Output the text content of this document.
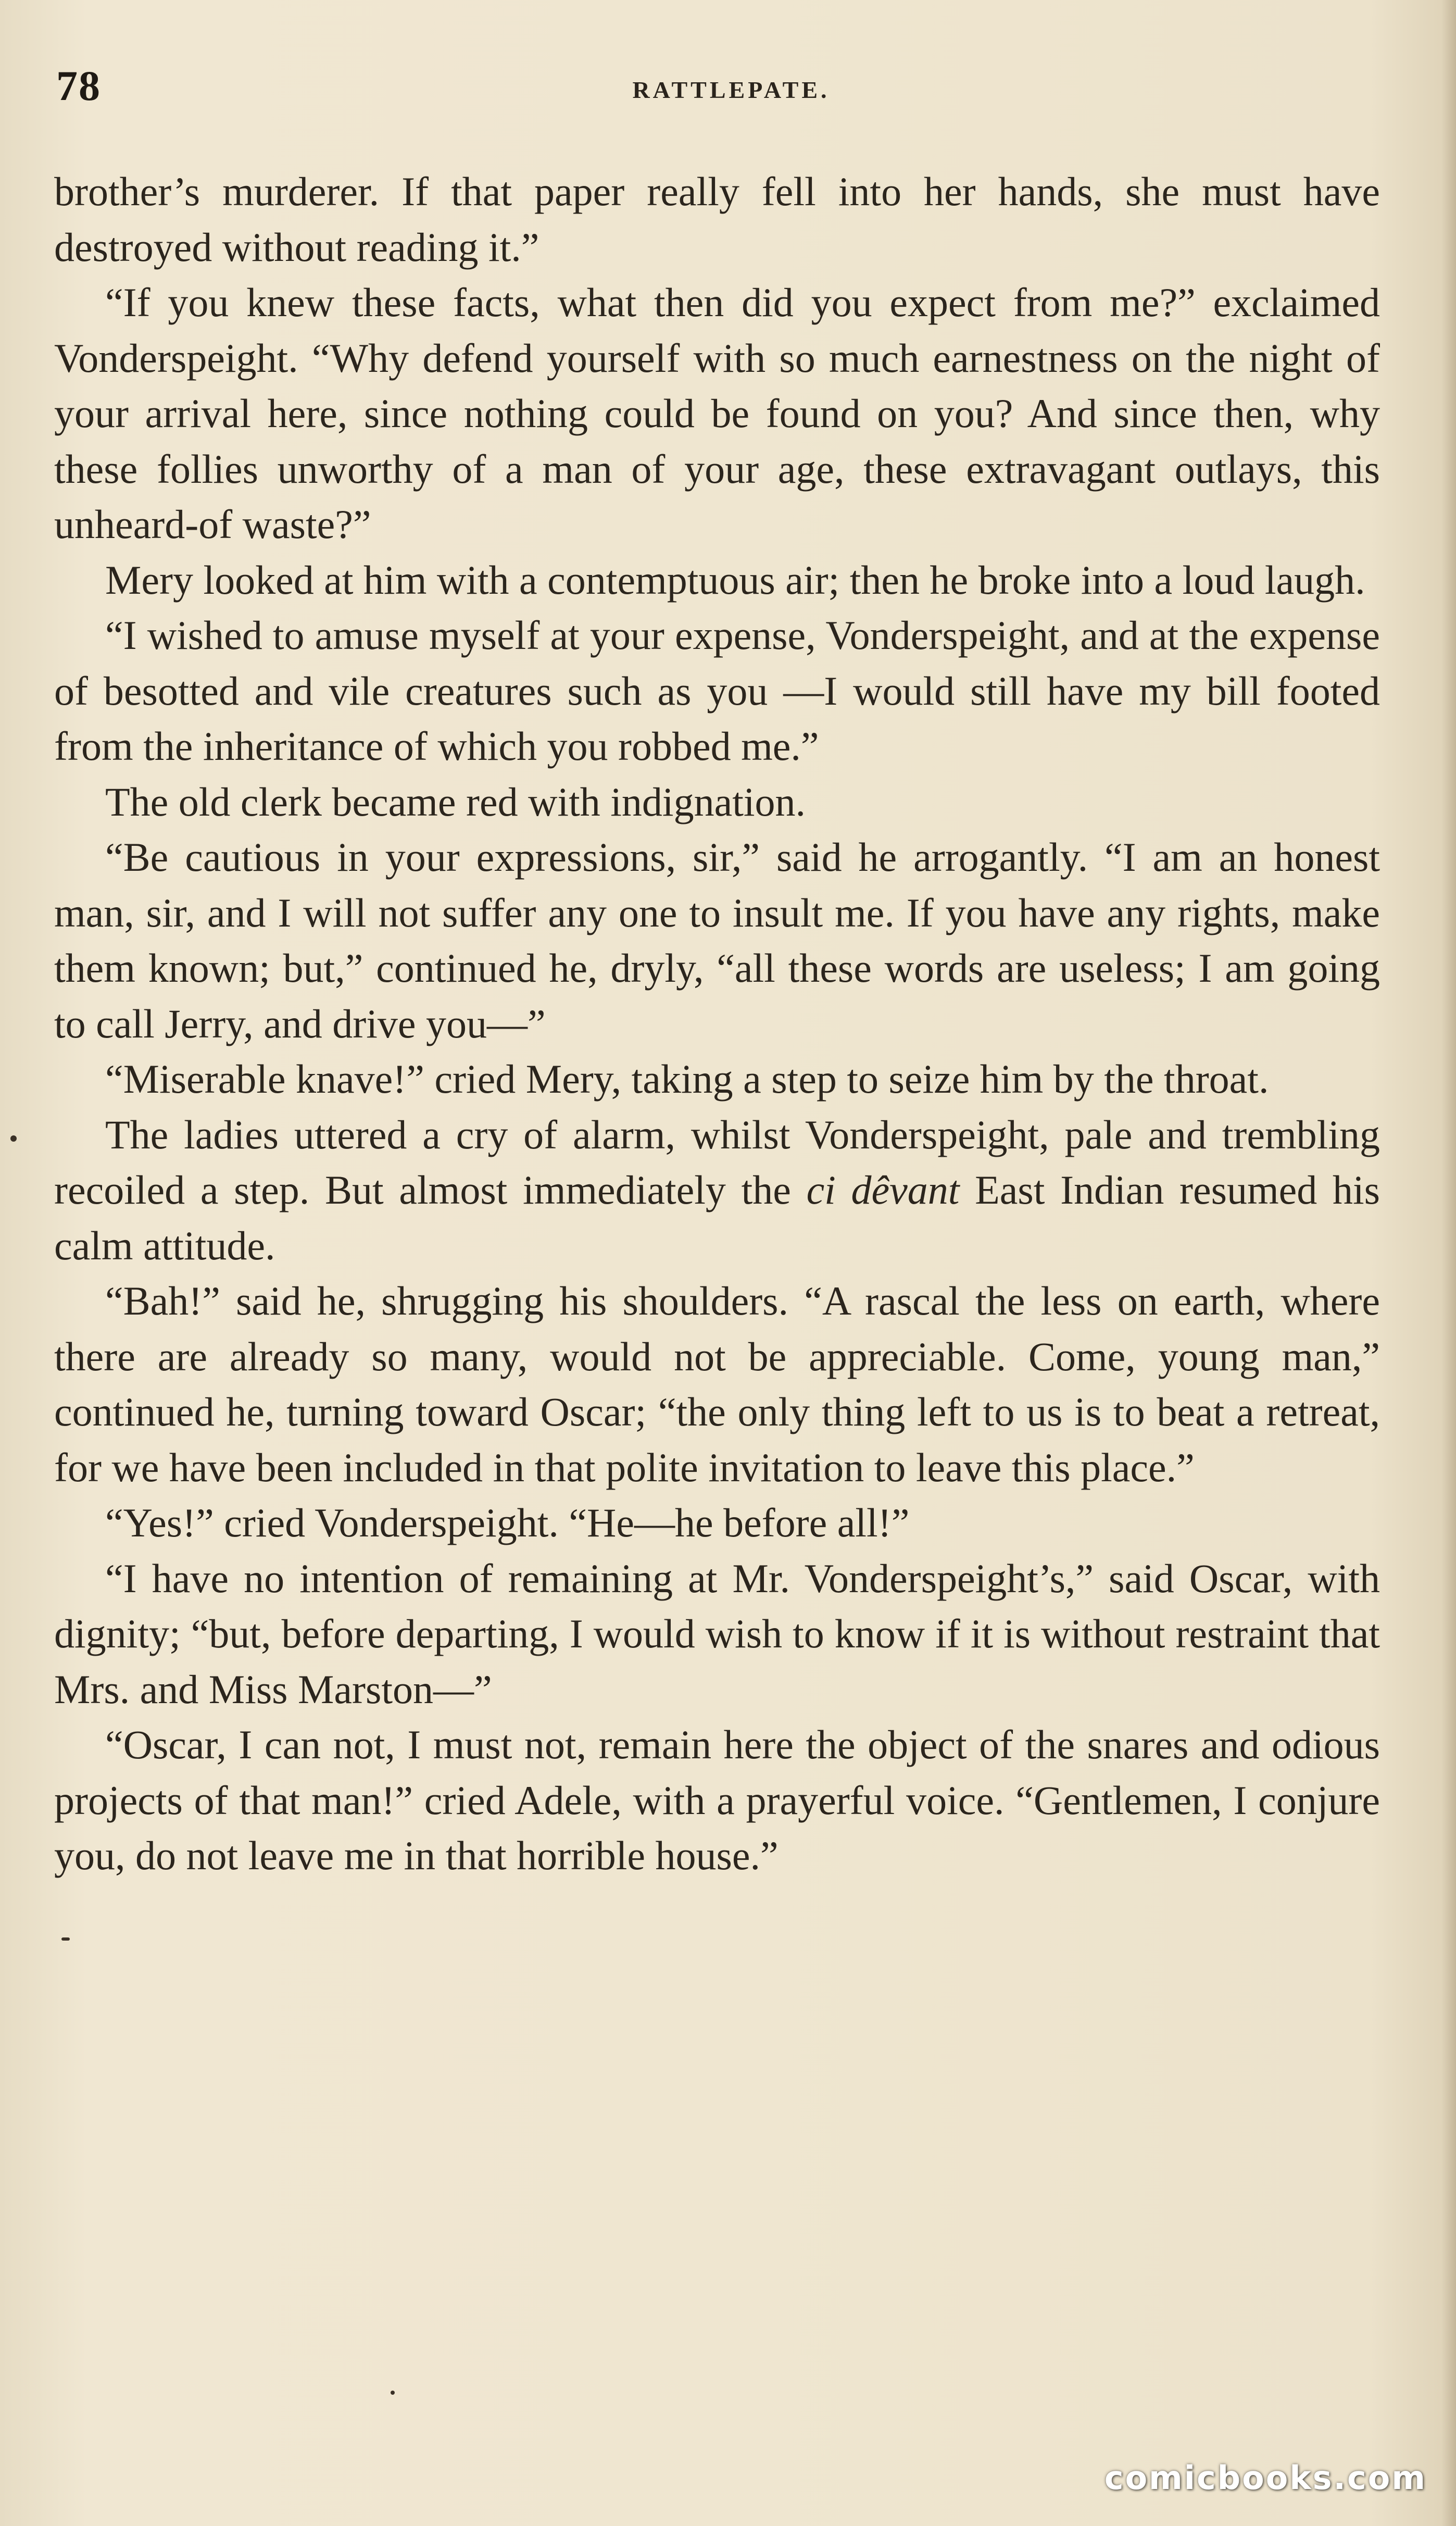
78	RATTLEPATE.

brother’s murderer. If that paper really fell into her hands, she must have destroyed without reading it.”

“If you knew these facts, what then did you expect from me?” exclaimed Vonderspeight. “Why defend yourself with so much earnestness on the night of your arrival here, since nothing could be found on you? And since then, why these follies unworthy of a man of your age, these extravagant outlays, this unheard-of waste?”

Mery looked at him with a contemptuous air; then he broke into a loud laugh.

“I wished to amuse myself at your expense, Vonderspeight, and at the expense of besotted and vile creatures such as you —I would still have my bill footed from the inheritance of which you robbed me.”

The old clerk became red with indignation.

“Be cautious in your expressions, sir,” said he arrogantly. “I am an honest man, sir, and I will not suffer any one to insult me. If you have any rights, make them known; but,” continued he, dryly, “all these words are useless; I am going to call Jerry, and drive you—”

“Miserable knave!” cried Mery, taking a step to seize him by the throat.

The ladies uttered a cry of alarm, whilst Vonderspeight, pale and trembling recoiled a step. But almost immediately the ci dêvant East Indian resumed his calm attitude.

“Bah!” said he, shrugging his shoulders. “A rascal the less on earth, where there are already so many, would not be appreciable. Come, young man,” continued he, turning toward Oscar; “the only thing left to us is to beat a retreat, for we have been included in that polite invitation to leave this place.”

“Yes!” cried Vonderspeight. “He—he before all!”

“I have no intention of remaining at Mr. Vonderspeight’s,” said Oscar, with dignity; “but, before departing, I would wish to know if it is without restraint that Mrs. and Miss Marston—”

“Oscar, I can not, I must not, remain here the object of the snares and odious projects of that man!” cried Adele, with a prayerful voice. “Gentlemen, I conjure you, do not leave me in that horrible house.”

comicbooks.com
